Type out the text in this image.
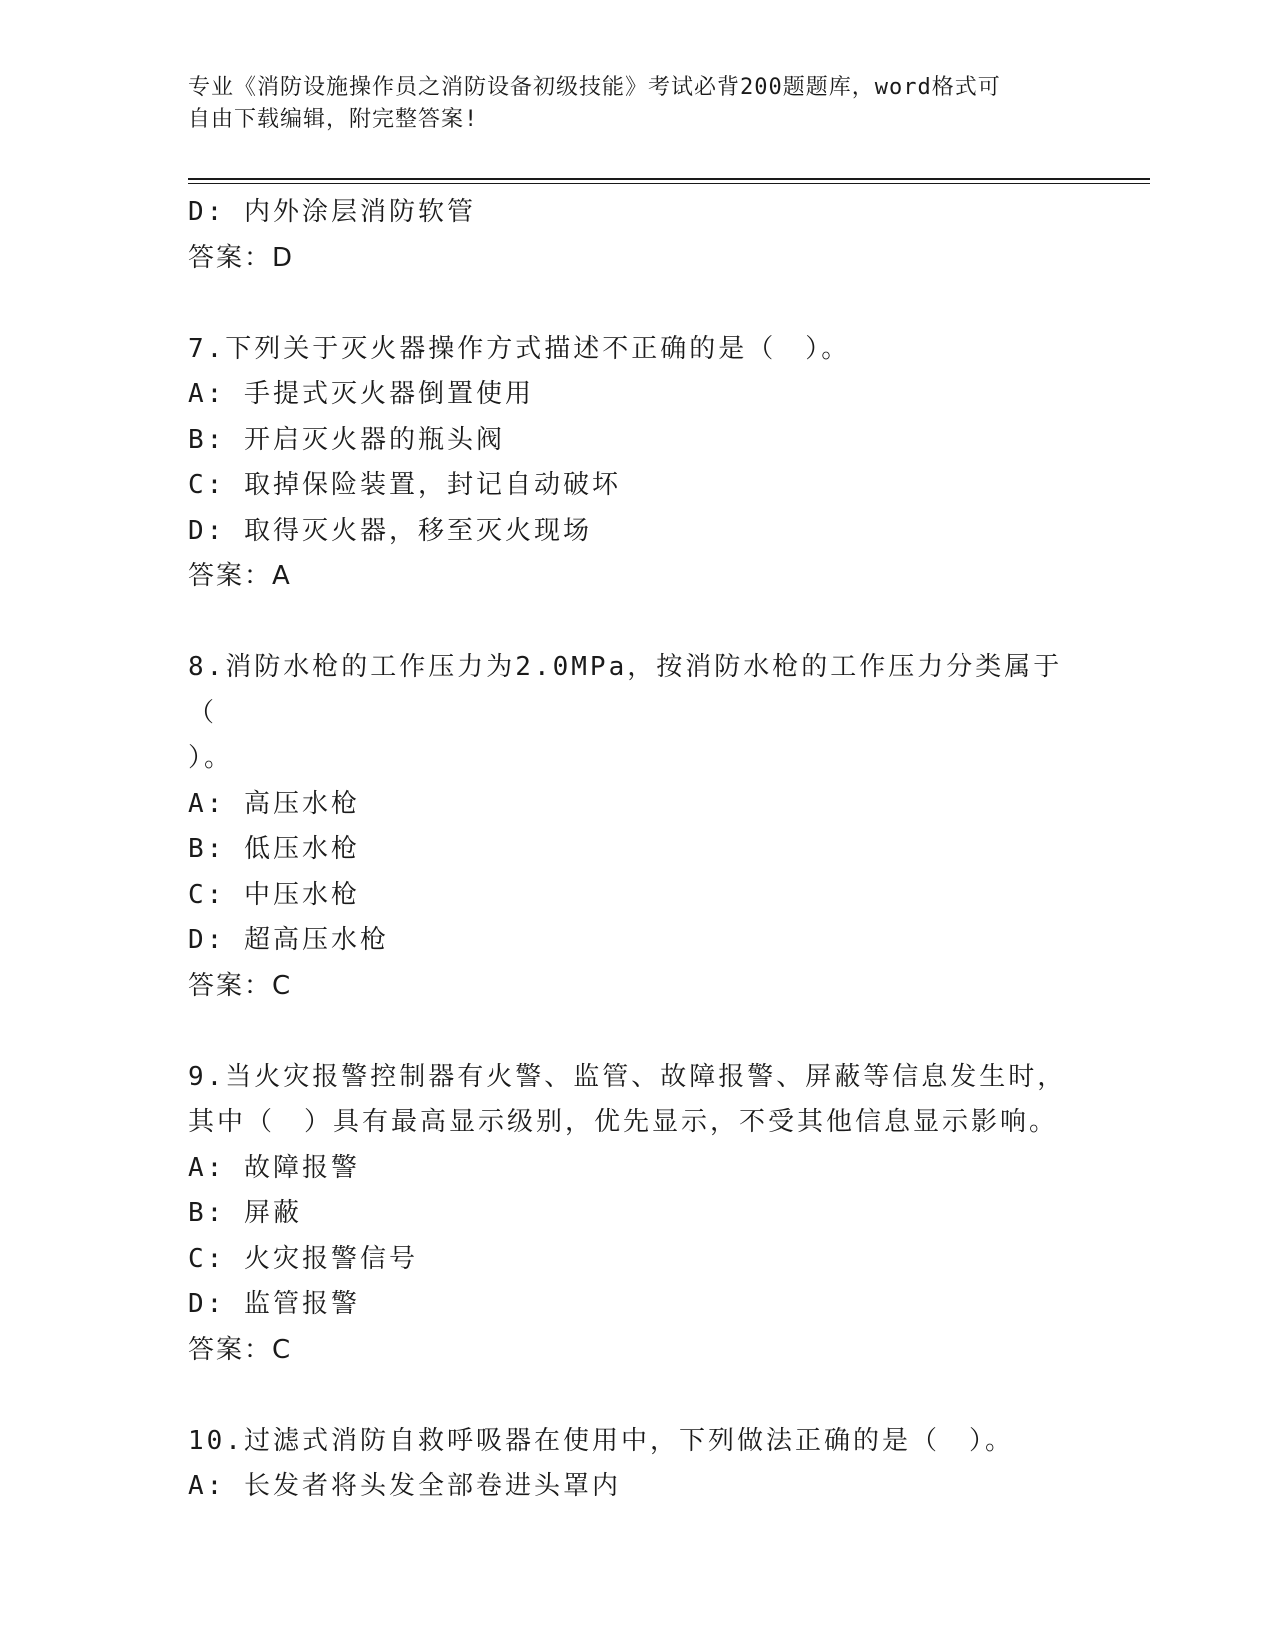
专业《消防设施操作员之消防设备初级技能》考试必背200题题库，word格式可
自由下载编辑，附完整答案!
D: 内外涂层消防软管
答案：D
7.下列关于灭火器操作方式描述不正确的是（　）。
A: 手提式灭火器倒置使用
B: 开启灭火器的瓶头阀
C: 取掉保险装置，封记自动破坏
D: 取得灭火器，移至灭火现场
答案：A
8.消防水枪的工作压力为2.0MPa，按消防水枪的工作压力分类属于（
）。
A: 高压水枪
B: 低压水枪
C: 中压水枪
D: 超高压水枪
答案：C
9.当火灾报警控制器有火警、监管、故障报警、屏蔽等信息发生时，
其中（　）具有最高显示级别，优先显示，不受其他信息显示影响。
A: 故障报警
B: 屏蔽
C: 火灾报警信号
D: 监管报警
答案：C
10.过滤式消防自救呼吸器在使用中，下列做法正确的是（　）。
A: 长发者将头发全部卷进头罩内
